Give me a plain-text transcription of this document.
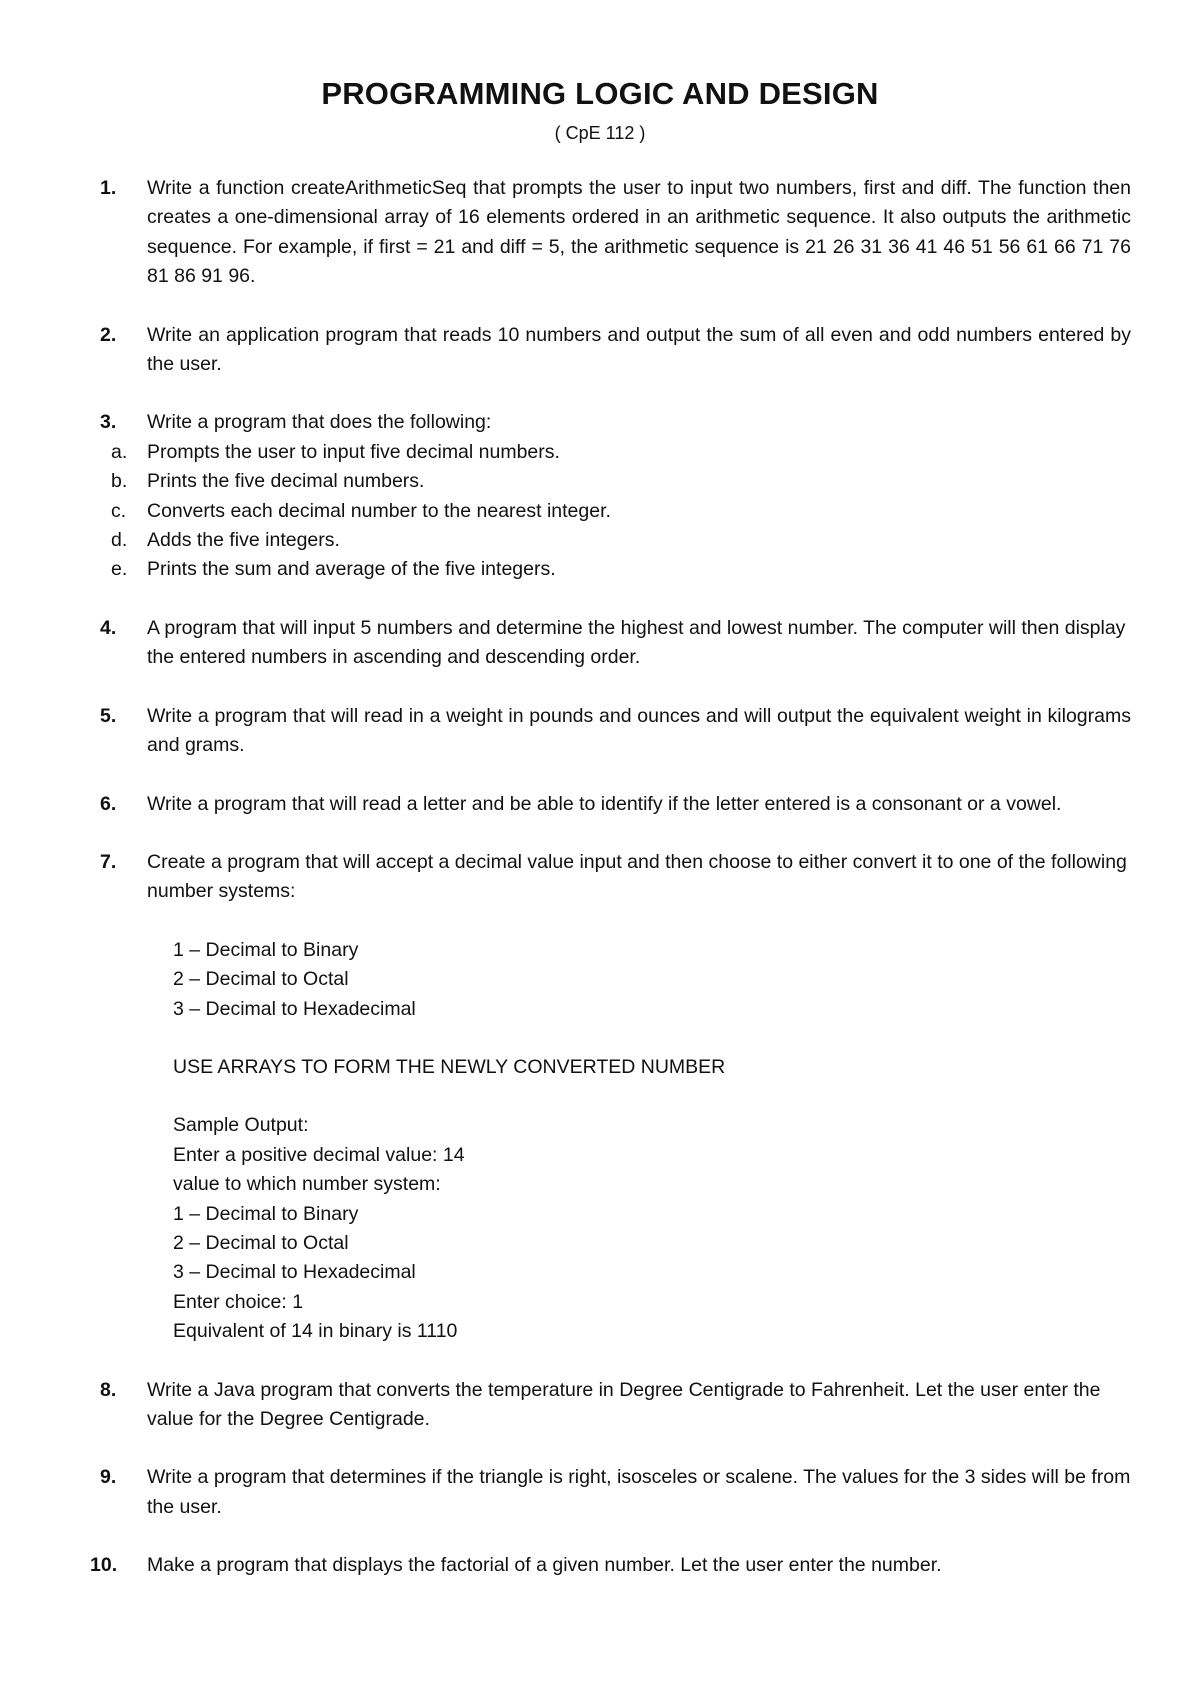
PROGRAMMING LOGIC AND DESIGN
( CpE 112 )
1.	Write a function createArithmeticSeq that prompts the user to input two numbers, first and diff. The function then creates a one-dimensional array of 16 elements ordered in an arithmetic sequence. It also outputs the arithmetic sequence. For example, if first = 21 and diff = 5, the arithmetic sequence is 21 26 31 36 41 46 51 56 61 66 71 76 81 86 91 96.
2.	Write an application program that reads 10 numbers and output the sum of all even and odd numbers entered by the user.
3.	Write a program that does the following:
a. Prompts the user to input five decimal numbers.
b. Prints the five decimal numbers.
c. Converts each decimal number to the nearest integer.
d. Adds the five integers.
e. Prints the sum and average of the five integers.
4.	A program that will input 5 numbers and determine the highest and lowest number. The computer will then display the entered numbers in ascending and descending order.
5.	Write a program that will read in a weight in pounds and ounces and will output the equivalent weight in kilograms and grams.
6.	Write a program that will read a letter and be able to identify if the letter entered is a consonant or a vowel.
7.	Create a program that will accept a decimal value input and then choose to either convert it to one of the following number systems:
1 – Decimal to Binary
2 – Decimal to Octal
3 – Decimal to Hexadecimal
USE ARRAYS TO FORM THE NEWLY CONVERTED NUMBER
Sample Output:
Enter a positive decimal value: 14
value to which number system:
1 – Decimal to Binary
2 – Decimal to Octal
3 – Decimal to Hexadecimal
Enter choice: 1
Equivalent of 14 in binary is 1110
8.	Write a Java program that converts the temperature in Degree Centigrade to Fahrenheit. Let the user enter the value for the Degree Centigrade.
9.	Write a program that determines if the triangle is right, isosceles or scalene. The values for the 3 sides will be from the user.
10.	Make a program that displays the factorial of a given number. Let the user enter the number.
